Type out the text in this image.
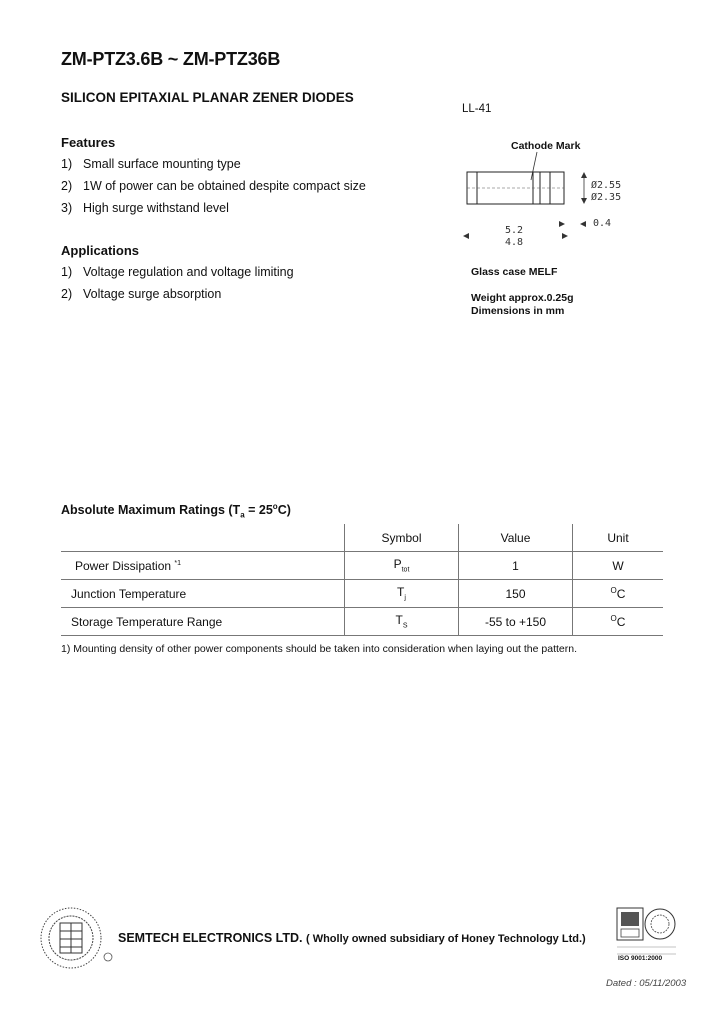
ZM-PTZ3.6B ~ ZM-PTZ36B
SILICON EPITAXIAL PLANAR ZENER DIODES
Features
1) Small surface mounting type
2) 1W of power can be obtained despite compact size
3) High surge withstand level
Applications
1) Voltage regulation and voltage limiting
2) Voltage surge absorption
LL-41
Cathode Mark
Ø2.55
Ø2.35
0.4
5.2
4.8
Glass case MELF
Weight approx.0.25g
Dimensions in mm
Absolute Maximum Ratings $(T_a = 25^oC)$
	Symbol	Value	Unit
Power Dissipation $^{*1}$	$P_{tot}$	1	W
Junction Temperature	$T_j$	150	$^O$C
Storage Temperature Range	$T_S$	-55 to +150	$^O$C
1) Mounting density of other power components should be taken into consideration when laying out the pattern.
SEMTECH ELECTRONICS LTD. ( Wholly owned subsidiary of Honey Technology Ltd.)
ISO 9001:2000
Dated : 05/11/2003
